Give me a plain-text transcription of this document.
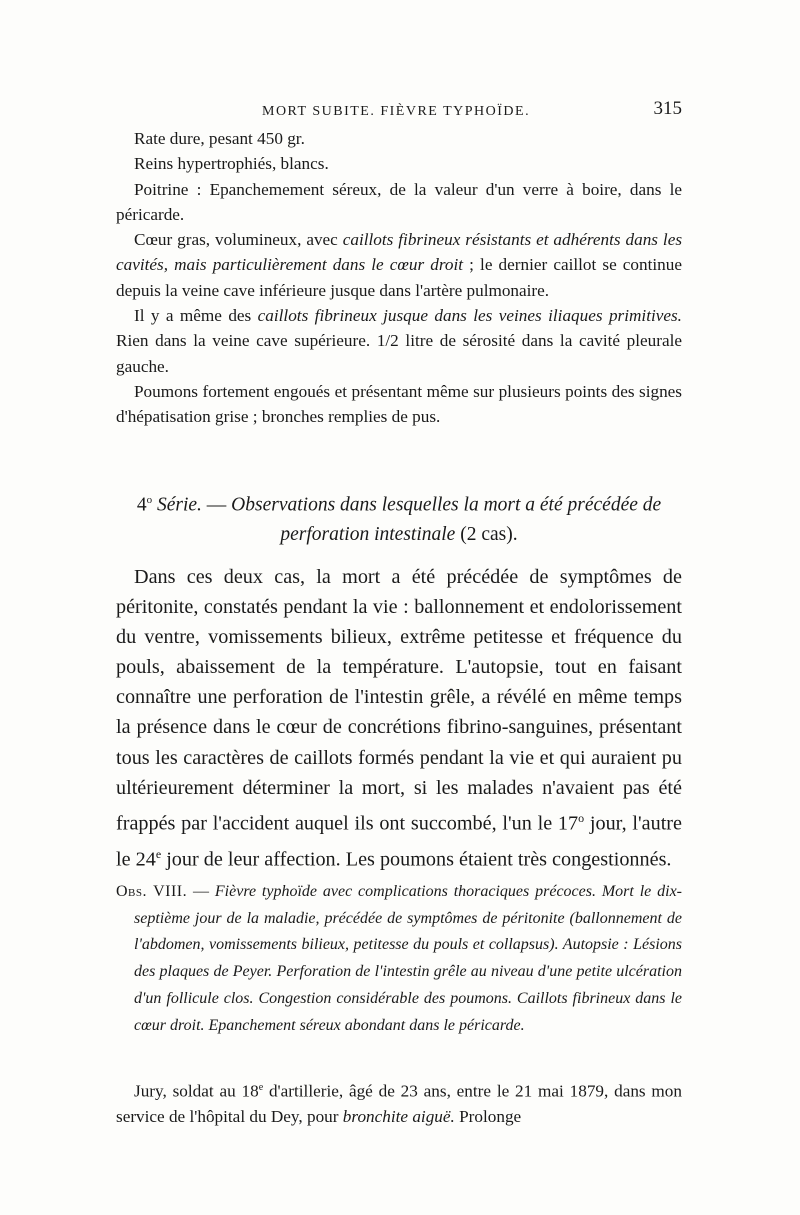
MORT SUBITE. FIÈVRE TYPHOÏDE.	315

Rate dure, pesant 450 gr.

Reins hypertrophiés, blancs.

Poitrine : Epanchemement séreux, de la valeur d'un verre à boire, dans le péricarde.

Cœur gras, volumineux, avec caillots fibrineux résistants et adhérents dans les cavités, mais particulièrement dans le cœur droit ; le dernier caillot se continue depuis la veine cave inférieure jusque dans l'artère pulmonaire.

Il y a même des caillots fibrineux jusque dans les veines iliaques primitives. Rien dans la veine cave supérieure. 1/2 litre de sérosité dans la cavité pleurale gauche.

Poumons fortement engoués et présentant même sur plusieurs points des signes d'hépatisation grise ; bronches remplies de pus.

4$^o$ Série. — Observations dans lesquelles la mort a été précédée de perforation intestinale (2 cas).

Dans ces deux cas, la mort a été précédée de symptômes de péritonite, constatés pendant la vie : ballonnement et endolorissement du ventre, vomissements bilieux, extrême petitesse et fréquence du pouls, abaissement de la température. L'autopsie, tout en faisant connaître une perforation de l'intestin grêle, a révélé en même temps la présence dans le cœur de concrétions fibrino-sanguines, présentant tous les caractères de caillots formés pendant la vie et qui auraient pu ultérieurement déterminer la mort, si les malades n'avaient pas été frappés par l'accident auquel ils ont succombé, l'un le 17$^o$ jour, l'autre le 24e jour de leur affection. Les poumons étaient très congestionnés.

Obs. VIII. — Fièvre typhoïde avec complications thoraciques précoces. Mort le dix-septième jour de la maladie, précédée de symptômes de péritonite (ballonnement de l'abdomen, vomissements bilieux, petitesse du pouls et collapsus). Autopsie : Lésions des plaques de Peyer. Perforation de l'intestin grêle au niveau d'une petite ulcération d'un follicule clos. Congestion considérable des poumons. Caillots fibrineux dans le cœur droit. Epanchement séreux abondant dans le péricarde.

Jury, soldat au 18e d'artillerie, âgé de 23 ans, entre le 21 mai 1879, dans mon service de l'hôpital du Dey, pour bronchite aiguë. Prolonge
